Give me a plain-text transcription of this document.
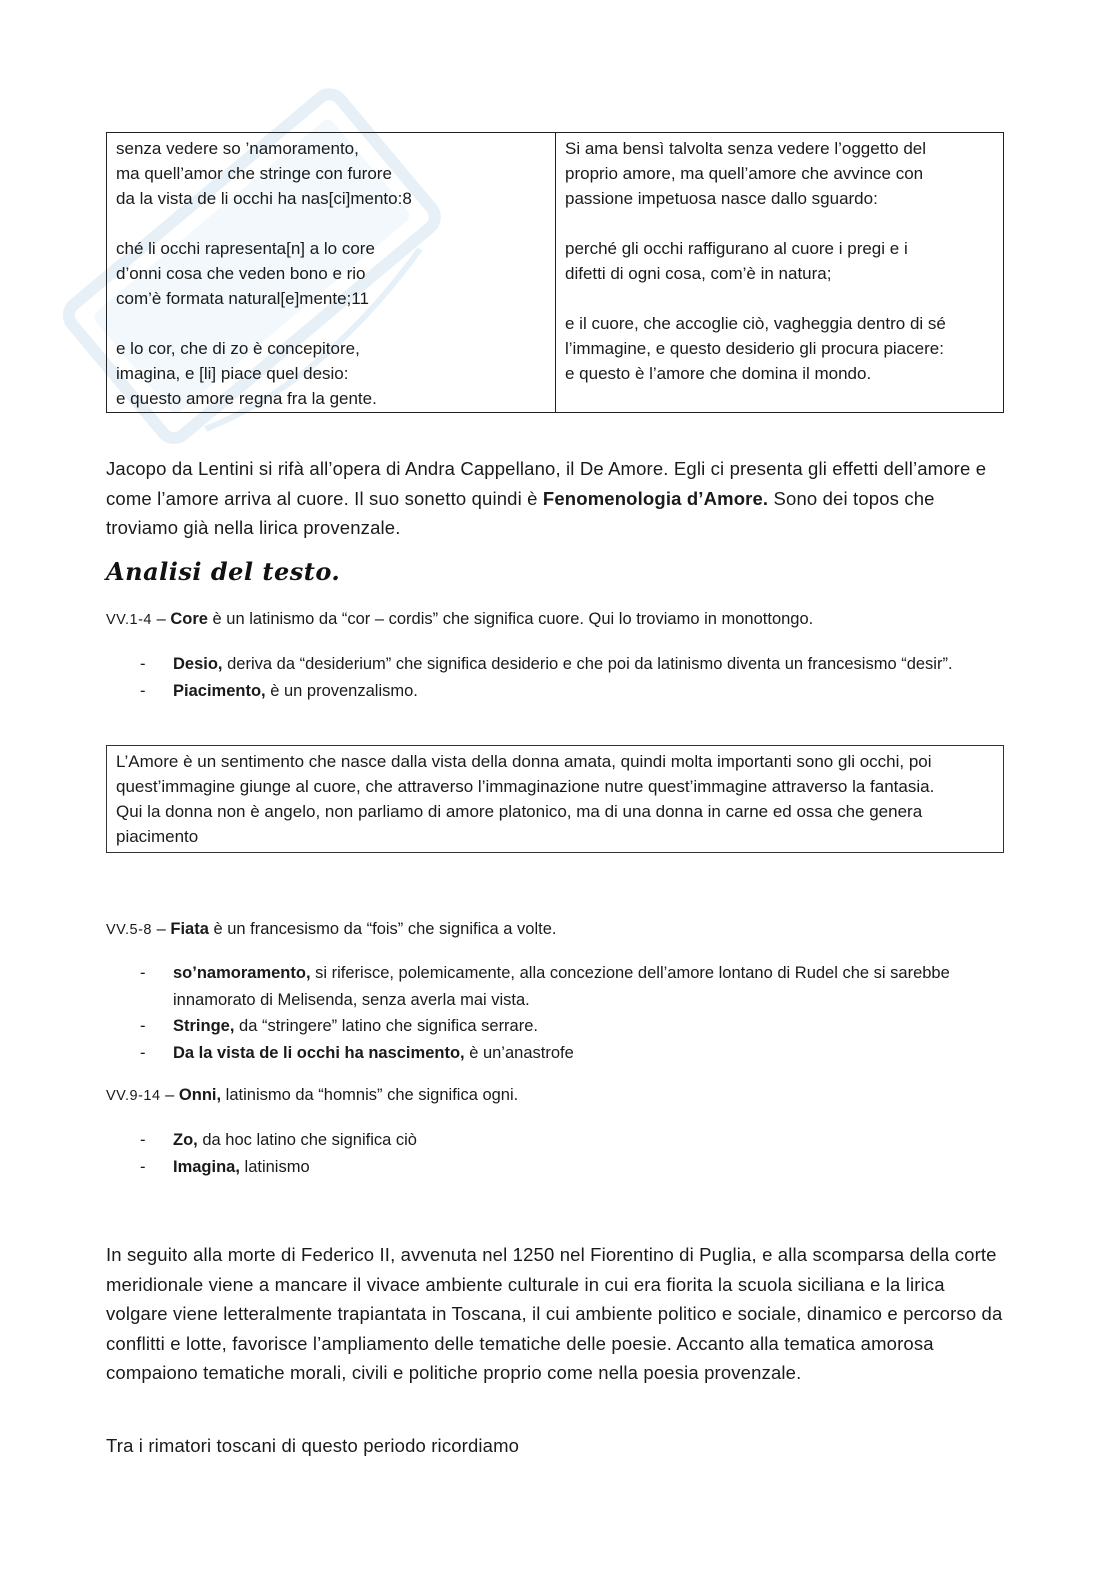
senza vedere so ’namoramento,
ma quell’amor che stringe con furore
da la vista de li occhi ha nas[ci]mento:8
ché li occhi rapresenta[n] a lo core
d’onni cosa che veden bono e rio
com’è formata natural[e]mente;11
e lo cor, che di zo è concepitore,
imagina, e [li] piace quel desio:
e questo amore regna fra la gente.

Si ama bensì talvolta senza vedere l’oggetto del
proprio amore, ma quell’amore che avvince con
passione impetuosa nasce dallo sguardo:
perché gli occhi raffigurano al cuore i pregi e i
difetti di ogni cosa, com’è in natura;
e il cuore, che accoglie ciò, vagheggia dentro di sé
l’immagine, e questo desiderio gli procura piacere:
e questo è l’amore che domina il mondo.

Jacopo da Lentini si rifà all’opera di Andra Cappellano, il De Amore. Egli ci presenta gli effetti dell’amore e come l’amore arriva al cuore. Il suo sonetto quindi è Fenomenologia d’Amore. Sono dei topos che troviamo già nella lirica provenzale.

Analisi del testo.
VV.1-4 – Core è un latinismo da “cor – cordis” che significa cuore. Qui lo troviamo in monottongo.
- Desio, deriva da “desiderium” che significa desiderio e che poi da latinismo diventa un francesismo “desir”.
- Piacimento, è un provenzalismo.
L’Amore è un sentimento che nasce dalla vista della donna amata, quindi molta importanti sono gli occhi, poi quest’immagine giunge al cuore, che attraverso l’immaginazione nutre quest’immagine attraverso la fantasia.
Qui la donna non è angelo, non parliamo di amore platonico, ma di una donna in carne ed ossa che genera piacimento
VV.5-8 – Fiata è un francesismo da “fois” che significa a volte.
- so’namoramento, si riferisce, polemicamente, alla concezione dell’amore lontano di Rudel che si sarebbe innamorato di Melisenda, senza averla mai vista.
- Stringe, da “stringere” latino che significa serrare.
- Da la vista de li occhi ha nascimento, è un’anastrofe
VV.9-14 – Onni, latinismo da “homnis” che significa ogni.
- Zo, da hoc latino che significa ciò
- Imagina, latinismo

In seguito alla morte di Federico II, avvenuta nel 1250 nel Fiorentino di Puglia, e alla scomparsa della corte meridionale viene a mancare il vivace ambiente culturale in cui era fiorita la scuola siciliana e la lirica volgare viene letteralmente trapiantata in Toscana, il cui ambiente politico e sociale, dinamico e percorso da conflitti e lotte, favorisce l’ampliamento delle tematiche delle poesie. Accanto alla tematica amorosa compaiono tematiche morali, civili e politiche proprio come nella poesia provenzale.

Tra i rimatori toscani di questo periodo ricordiamo
